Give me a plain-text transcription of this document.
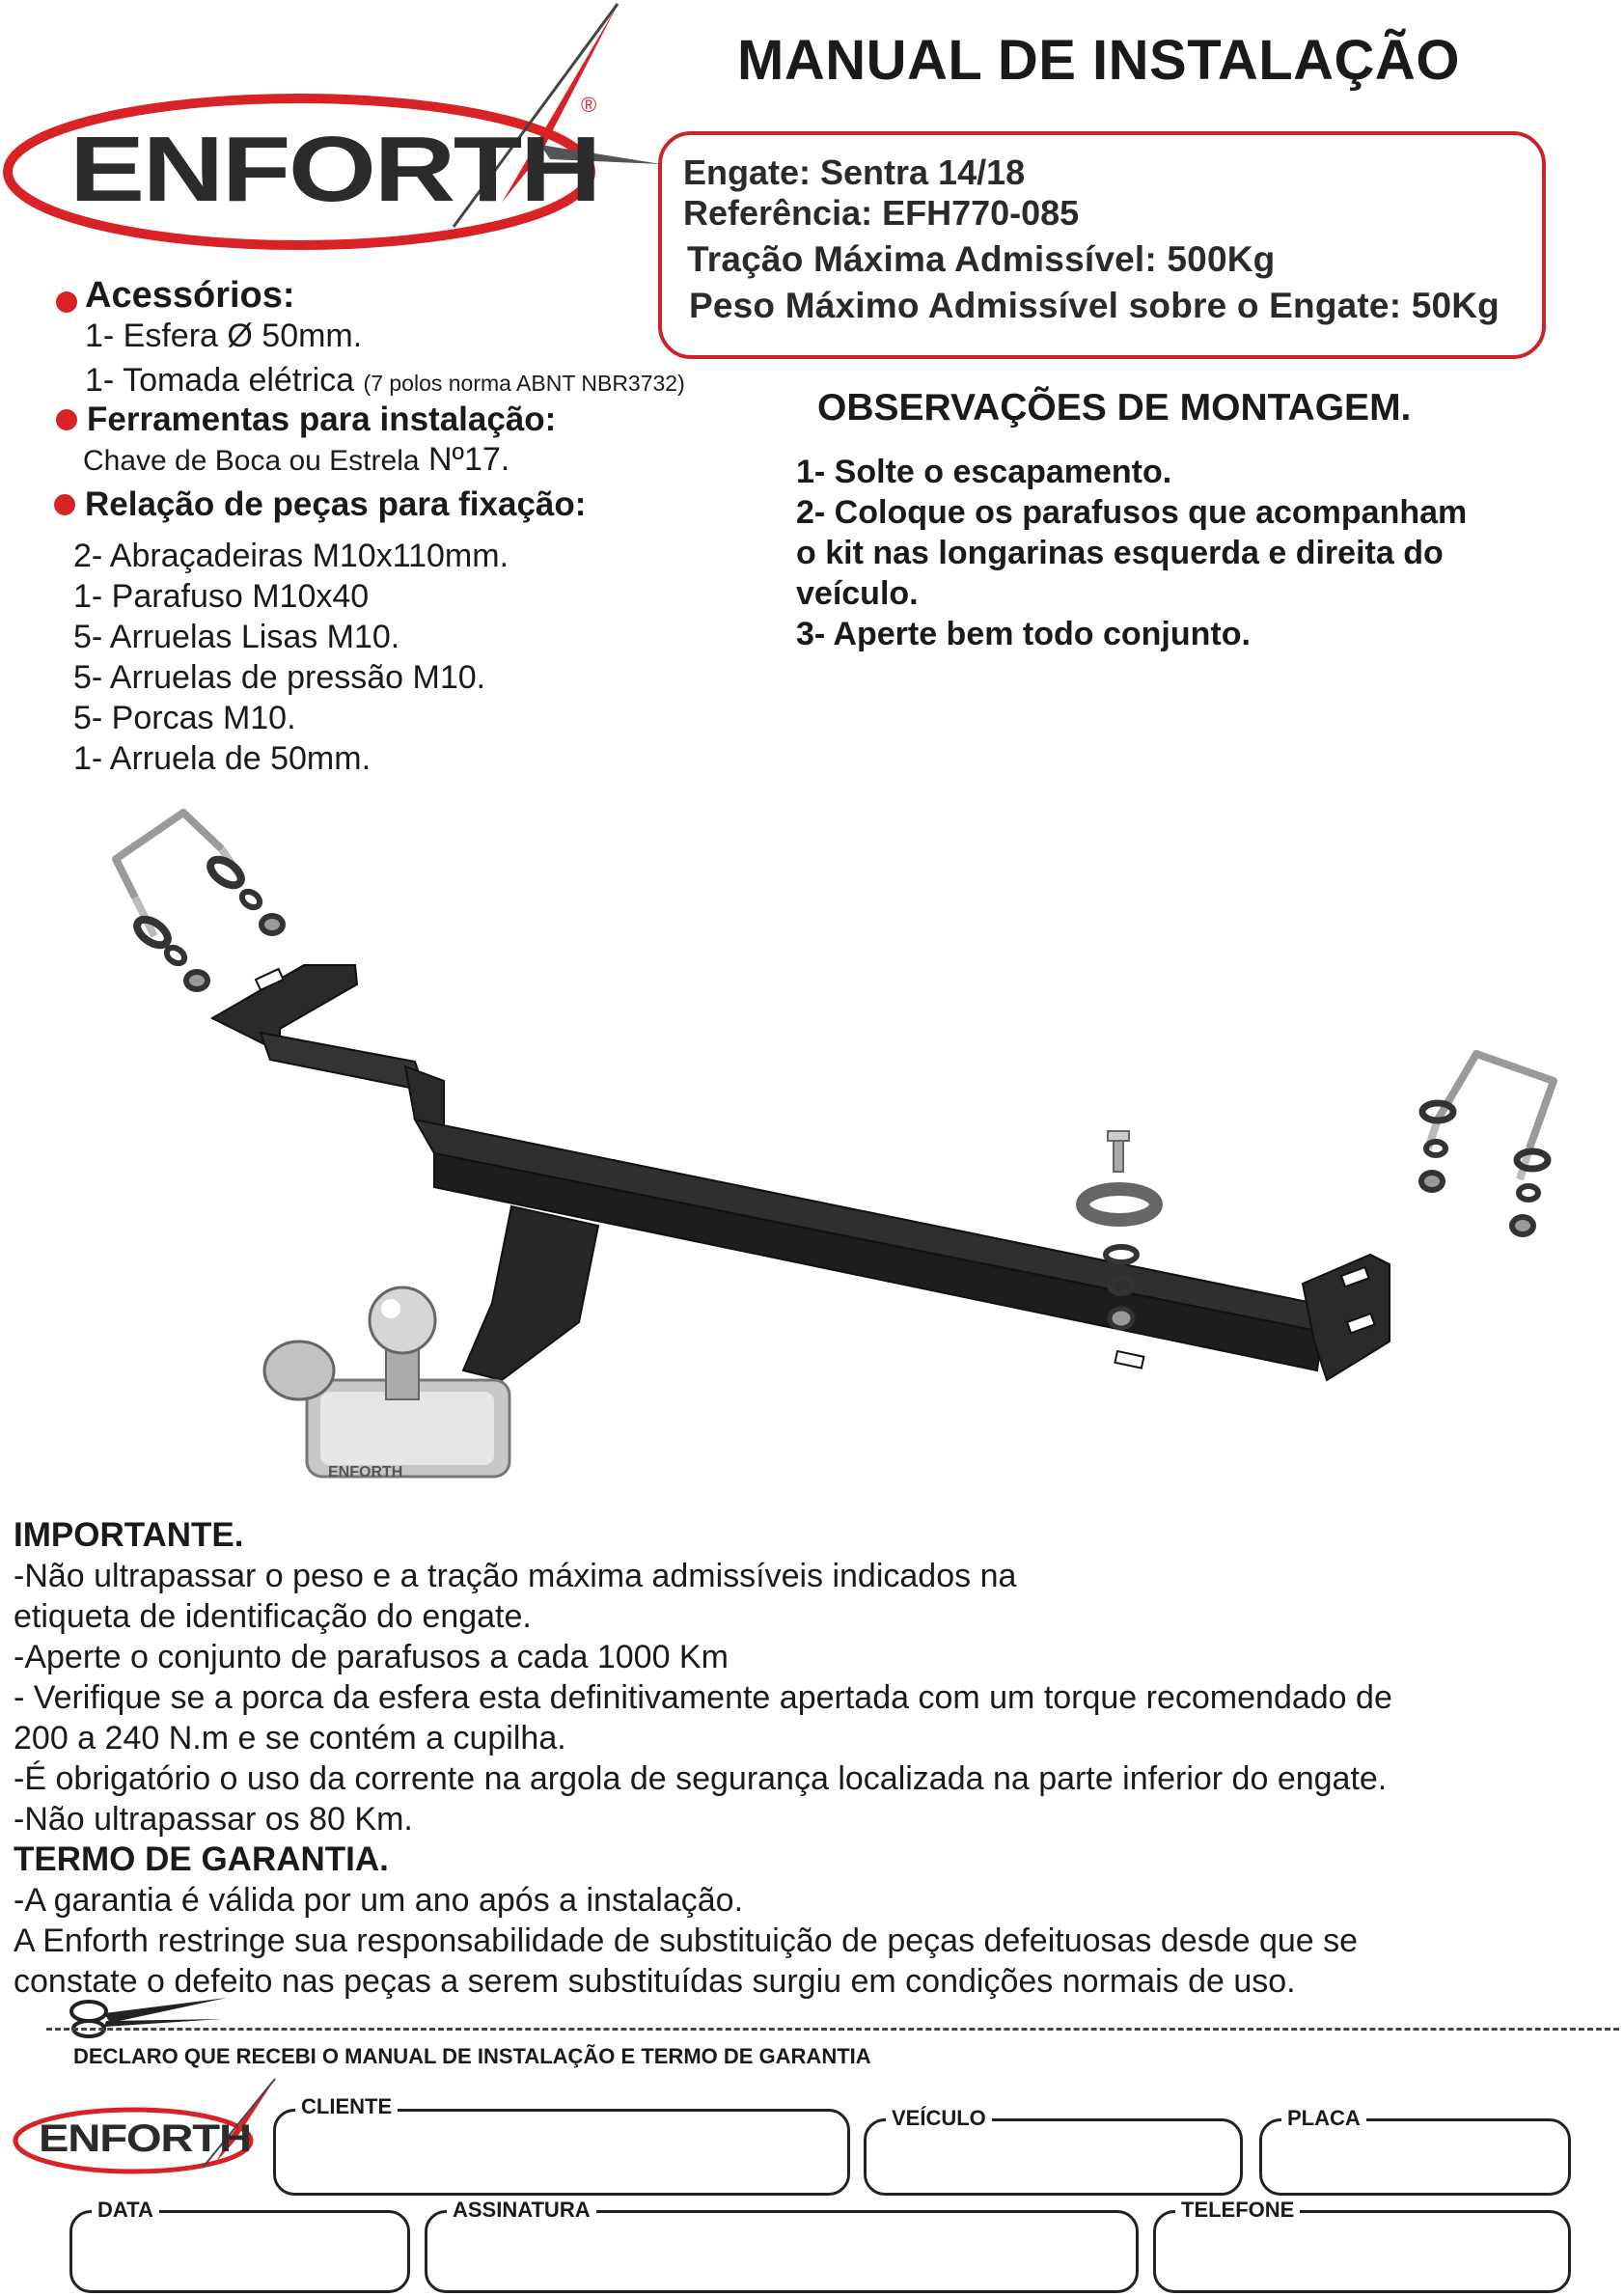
ENFORTH
®
MANUAL DE INSTALAÇÃO
Engate: Sentra 14/18
Referência: EFH770-085
Tração Máxima Admissível: 500Kg
Peso Máximo Admissível sobre o Engate: 50Kg
Acessórios:
1- Esfera Ø 50mm.
1- Tomada elétrica (7 polos norma ABNT NBR3732)
Ferramentas para instalação:
Chave de Boca ou Estrela Nº17.
Relação de peças para fixação:
2- Abraçadeiras M10x110mm.
1- Parafuso M10x40
5- Arruelas Lisas M10.
5- Arruelas de pressão M10.
5- Porcas M10.
1- Arruela de 50mm.
OBSERVAÇÕES DE MONTAGEM.
1- Solte o escapamento.
2- Coloque os parafusos que acompanham
o kit nas longarinas esquerda e direita do
veículo.
3- Aperte bem todo conjunto.
ENFORTH
IMPORTANTE.
-Não ultrapassar o peso e a tração máxima admissíveis indicados na
etiqueta de identificação do engate.
-Aperte o conjunto de parafusos a cada 1000 Km
- Verifique se a porca da esfera esta definitivamente apertada com um torque recomendado de
200 a 240 N.m e se contém a cupilha.
-É obrigatório o uso da corrente na argola de segurança localizada na parte inferior do engate.
-Não ultrapassar os 80 Km.
TERMO DE GARANTIA.
-A garantia é válida por um ano após a instalação.
A Enforth restringe sua responsabilidade de substituição de peças defeituosas desde que se
constate o defeito nas peças a serem substituídas surgiu em condições normais de uso.
DECLARO QUE RECEBI O MANUAL DE INSTALAÇÃO E TERMO DE GARANTIA
ENFORTH
CLIENTE	VEÍCULO	PLACA
DATA	ASSINATURA	TELEFONE
